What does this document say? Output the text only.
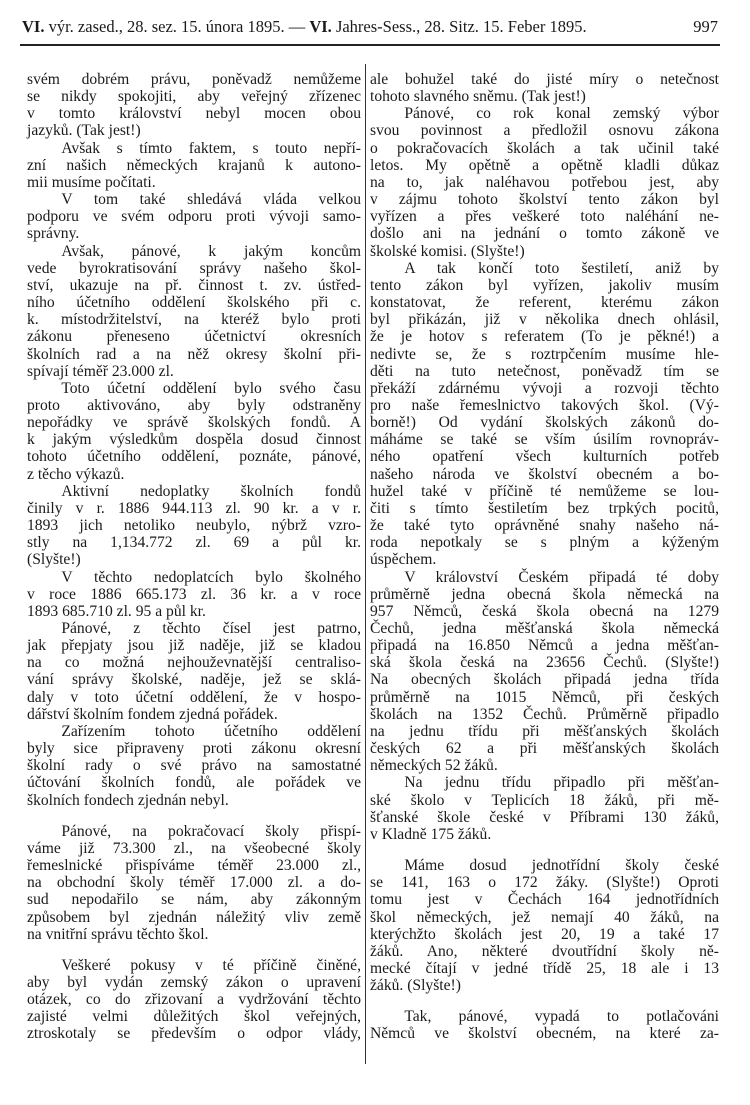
VI. výr. zased., 28. sez. 15. února 1895. — VI. Jahres-Sess., 28. Sitz. 15. Feber 1895.	997
svém dobrém právu, poněvadž nemůžeme
se nikdy spokojiti, aby veřejný zřízenec
v tomto království nebyl mocen obou
jazyků. (Tak jest!)
Avšak s tímto faktem, s touto nepří-
zní našich německých krajanů k autono-
mii musíme počítati.
V tom také shledává vláda velkou
podporu ve svém odporu proti vývoji samo-
správny.
Avšak, pánové, k jakým koncům
vede byrokratisování správy našeho škol-
ství, ukazuje na př. činnost t. zv. ústřed-
ního účetního oddělení školského při c.
k. místodržitelství, na kteréž bylo proti
zákonu přeneseno účetnictví okresních
školních rad a na něž okresy školní při-
spívají téměř 23.000 zl.
Toto účetní oddělení bylo svého času
proto aktivováno, aby byly odstraněny
nepořádky ve správě školských fondů. A
k jakým výsledkům dospěla dosud činnost
tohoto účetního oddělení, poznáte, pánové,
z těcho výkazů.
Aktivní nedoplatky školních fondů
činily v r. 1886 944.113 zl. 90 kr. a v r.
1893 jich netoliko neubylo, nýbrž vzro-
stly na 1,134.772 zl. 69 a půl kr.
(Slyšte!)
V těchto nedoplatcích bylo školného
v roce 1886 665.173 zl. 36 kr. a v roce
1893 685.710 zl. 95 a půl kr.
Pánové, z těchto čísel jest patrno,
jak přepjaty jsou již naděje, již se kladou
na co možná nejhouževnatější centraliso-
vání správy školské, naděje, jež se sklá-
daly v toto účetní oddělení, že v hospo-
dářství školním fondem zjedná pořádek.
Zařízením tohoto účetního oddělení
byly sice připraveny proti zákonu okresní
školní rady o své právo na samostatné
účtování školních fondů, ale pořádek ve
školních fondech zjednán nebyl.
Pánové, na pokračovací školy přispí-
váme již 73.300 zl., na všeobecné školy
řemeslnické přispíváme téměř 23.000 zl.,
na obchodní školy téměř 17.000 zl. a do-
sud nepodařilo se nám, aby zákonným
způsobem byl zjednán náležitý vliv země
na vnitřní správu těchto škol.
Veškeré pokusy v té příčině činěné,
aby byl vydán zemský zákon o upravení
otázek, co do zřizovaní a vydržování těchto
zajisté velmi důležitých škol veřejných,
ztroskotaly se především o odpor vlády,
ale bohužel také do jisté míry o netečnost
tohoto slavného sněmu. (Tak jest!)
Pánové, co rok konal zemský výbor
svou povinnost a předložil osnovu zákona
o pokračovacích školách a tak učinil také
letos. My opětně a opětně kladli důkaz
na to, jak naléhavou potřebou jest, aby
v zájmu tohoto školství tento zákon byl
vyřízen a přes veškeré toto naléhání ne-
došlo ani na jednání o tomto zákoně ve
školské komisi. (Slyšte!)
A tak končí toto šestiletí, aniž by
tento zákon byl vyřízen, jakoliv musím
konstatovat, že referent, kterému zákon
byl přikázán, již v několika dnech ohlásil,
že je hotov s referatem (To je pěkné!) a
nedivte se, že s roztrpčením musíme hle-
děti na tuto netečnost, poněvadž tím se
překáží zdárnému vývoji a rozvoji těchto
pro naše řemeslnictvo takových škol. (Vý-
borně!) Od vydání školských zákonů do-
máháme se také se vším úsilím rovnopráv-
ného opatření všech kulturních potřeb
našeho národa ve školství obecném a bo-
hužel také v příčině té nemůžeme se lou-
čiti s tímto šestiletím bez trpkých pocitů,
že také tyto oprávněné snahy našeho ná-
roda nepotkaly se s plným a kýženým
úspěchem.
V království Českém připadá té doby
průměrně jedna obecná škola německá na
957 Němců, česká škola obecná na 1279
Čechů, jedna měšťanská škola německá
připadá na 16.850 Němců a jedna měšťan-
ská škola česká na 23656 Čechů. (Slyšte!)
Na obecných školách připadá jedna třída
průměrně na 1015 Němců, při českých
školách na 1352 Čechů. Průměrně připadlo
na jednu třídu při měšťanských školách
českých 62 a při měšťanských školách
německých 52 žáků.
Na jednu třídu připadlo při měšťan-
ské školo v Teplicích 18 žáků, při mě-
šťanské škole české v Příbrami 130 žáků,
v Kladně 175 žáků.
Máme dosud jednotřídní školy české
se 141, 163 o 172 žáky. (Slyšte!) Oproti
tomu jest v Čechách 164 jednotřídních
škol německých, jež nemají 40 žáků, na
kterýchžto školách jest 20, 19 a také 17
žáků. Ano, některé dvoutřídní školy ně-
mecké čítají v jedné třídě 25, 18 ale i 13
žáků. (Slyšte!)
Tak, pánové, vypadá to potlačováni
Němců ve školství obecném, na které za-
